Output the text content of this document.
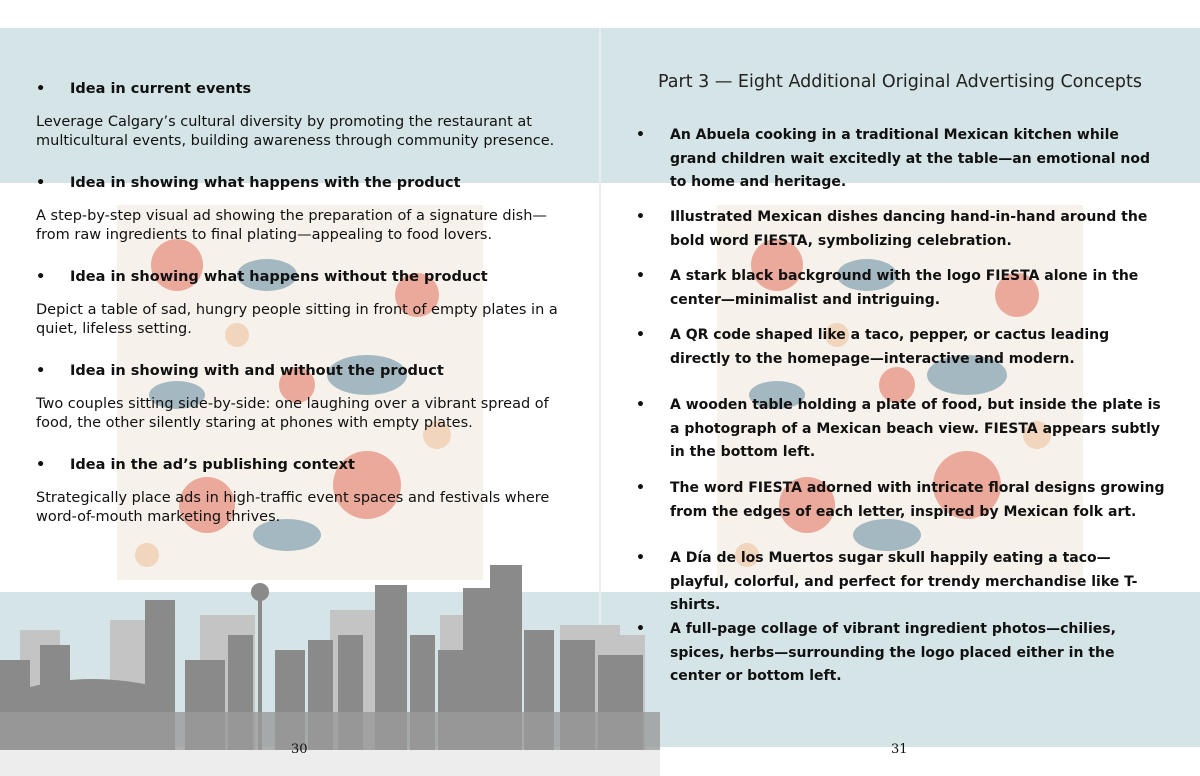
• Idea in current events
Leverage Calgary’s cultural diversity by promoting the restaurant at multicultural events, building awareness through community presence.
• Idea in showing what happens with the product
A step-by-step visual ad showing the preparation of a signature dish—from raw ingredients to final plating—appealing to food lovers.
• Idea in showing what happens without the product
Depict a table of sad, hungry people sitting in front of empty plates in a quiet, lifeless setting.
• Idea in showing with and without the product
Two couples sitting side-by-side: one laughing over a vibrant spread of food, the other silently staring at phones with empty plates.
• Idea in the ad’s publishing context
Strategically place ads in high-traffic event spaces and festivals where word-of-mouth marketing thrives.
30
Part 3 — Eight Additional Original Advertising Concepts
• An Abuela cooking in a traditional Mexican kitchen while grand children wait excitedly at the table—an emotional nod to home and heritage.
• Illustrated Mexican dishes dancing hand-in-hand around the bold word FIESTA, symbolizing celebration.
• A stark black background with the logo FIESTA alone in the center—minimalist and intriguing.
• A QR code shaped like a taco, pepper, or cactus leading directly to the homepage—interactive and modern.
• A wooden table holding a plate of food, but inside the plate is a photograph of a Mexican beach view. FIESTA appears subtly in the bottom left.
• The word FIESTA adorned with intricate floral designs growing from the edges of each letter, inspired by Mexican folk art.
• A Día de los Muertos sugar skull happily eating a taco—playful, colorful, and perfect for trendy merchandise like T-shirts.
• A full-page collage of vibrant ingredient photos—chilies, spices, herbs—surrounding the logo placed either in the center or bottom left.
31
